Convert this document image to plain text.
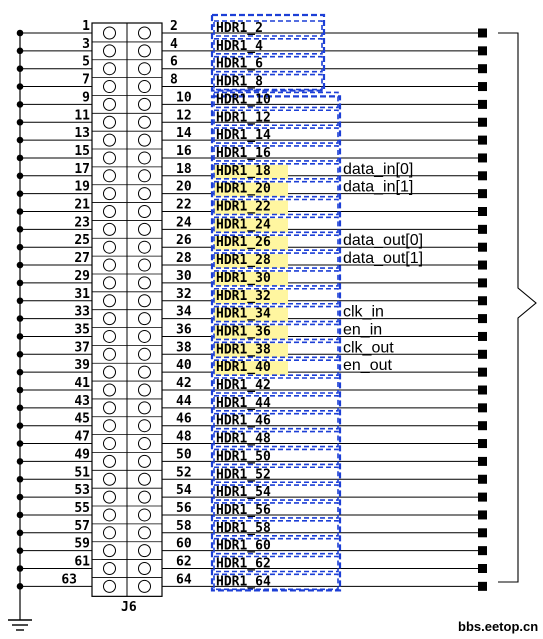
1	2	HDR1_2
3	4	HDR1_4
5	6	HDR1_6
7	8	HDR1_8
9	10 HDR1_10
11	12 HDR1_12
13	14 HDR1_14
15	16 HDR1_16
17	18 HDR1_18
19	20 HDR1_20
21	22 HDR1_22
23	24 HDR1_24
25	26 HDR1_26
27	28 HDR1_28
29	30 HDR1_30
31	32 HDR1_32
33	34 HDR1_34
35	36 HDR1_36
37	38 HDR1_38
39	40 HDR1_40
41	42 HDR1_42
43	44 HDR1_44
45	46 HDR1_46
47	48 HDR1_48
49	50 HDR1_50
51	52 HDR1_52
53	54 HDR1_54
55	56 HDR1_56
57	58 HDR1_58
59	60 HDR1_60
61	62 HDR1_62
63	64 HDR1_64
data_in[0]
data_in[1]
data_out[0]
data_out[1]
clk_in
en_in
clk_out
en_out
J6
bbs.eetop.cn
